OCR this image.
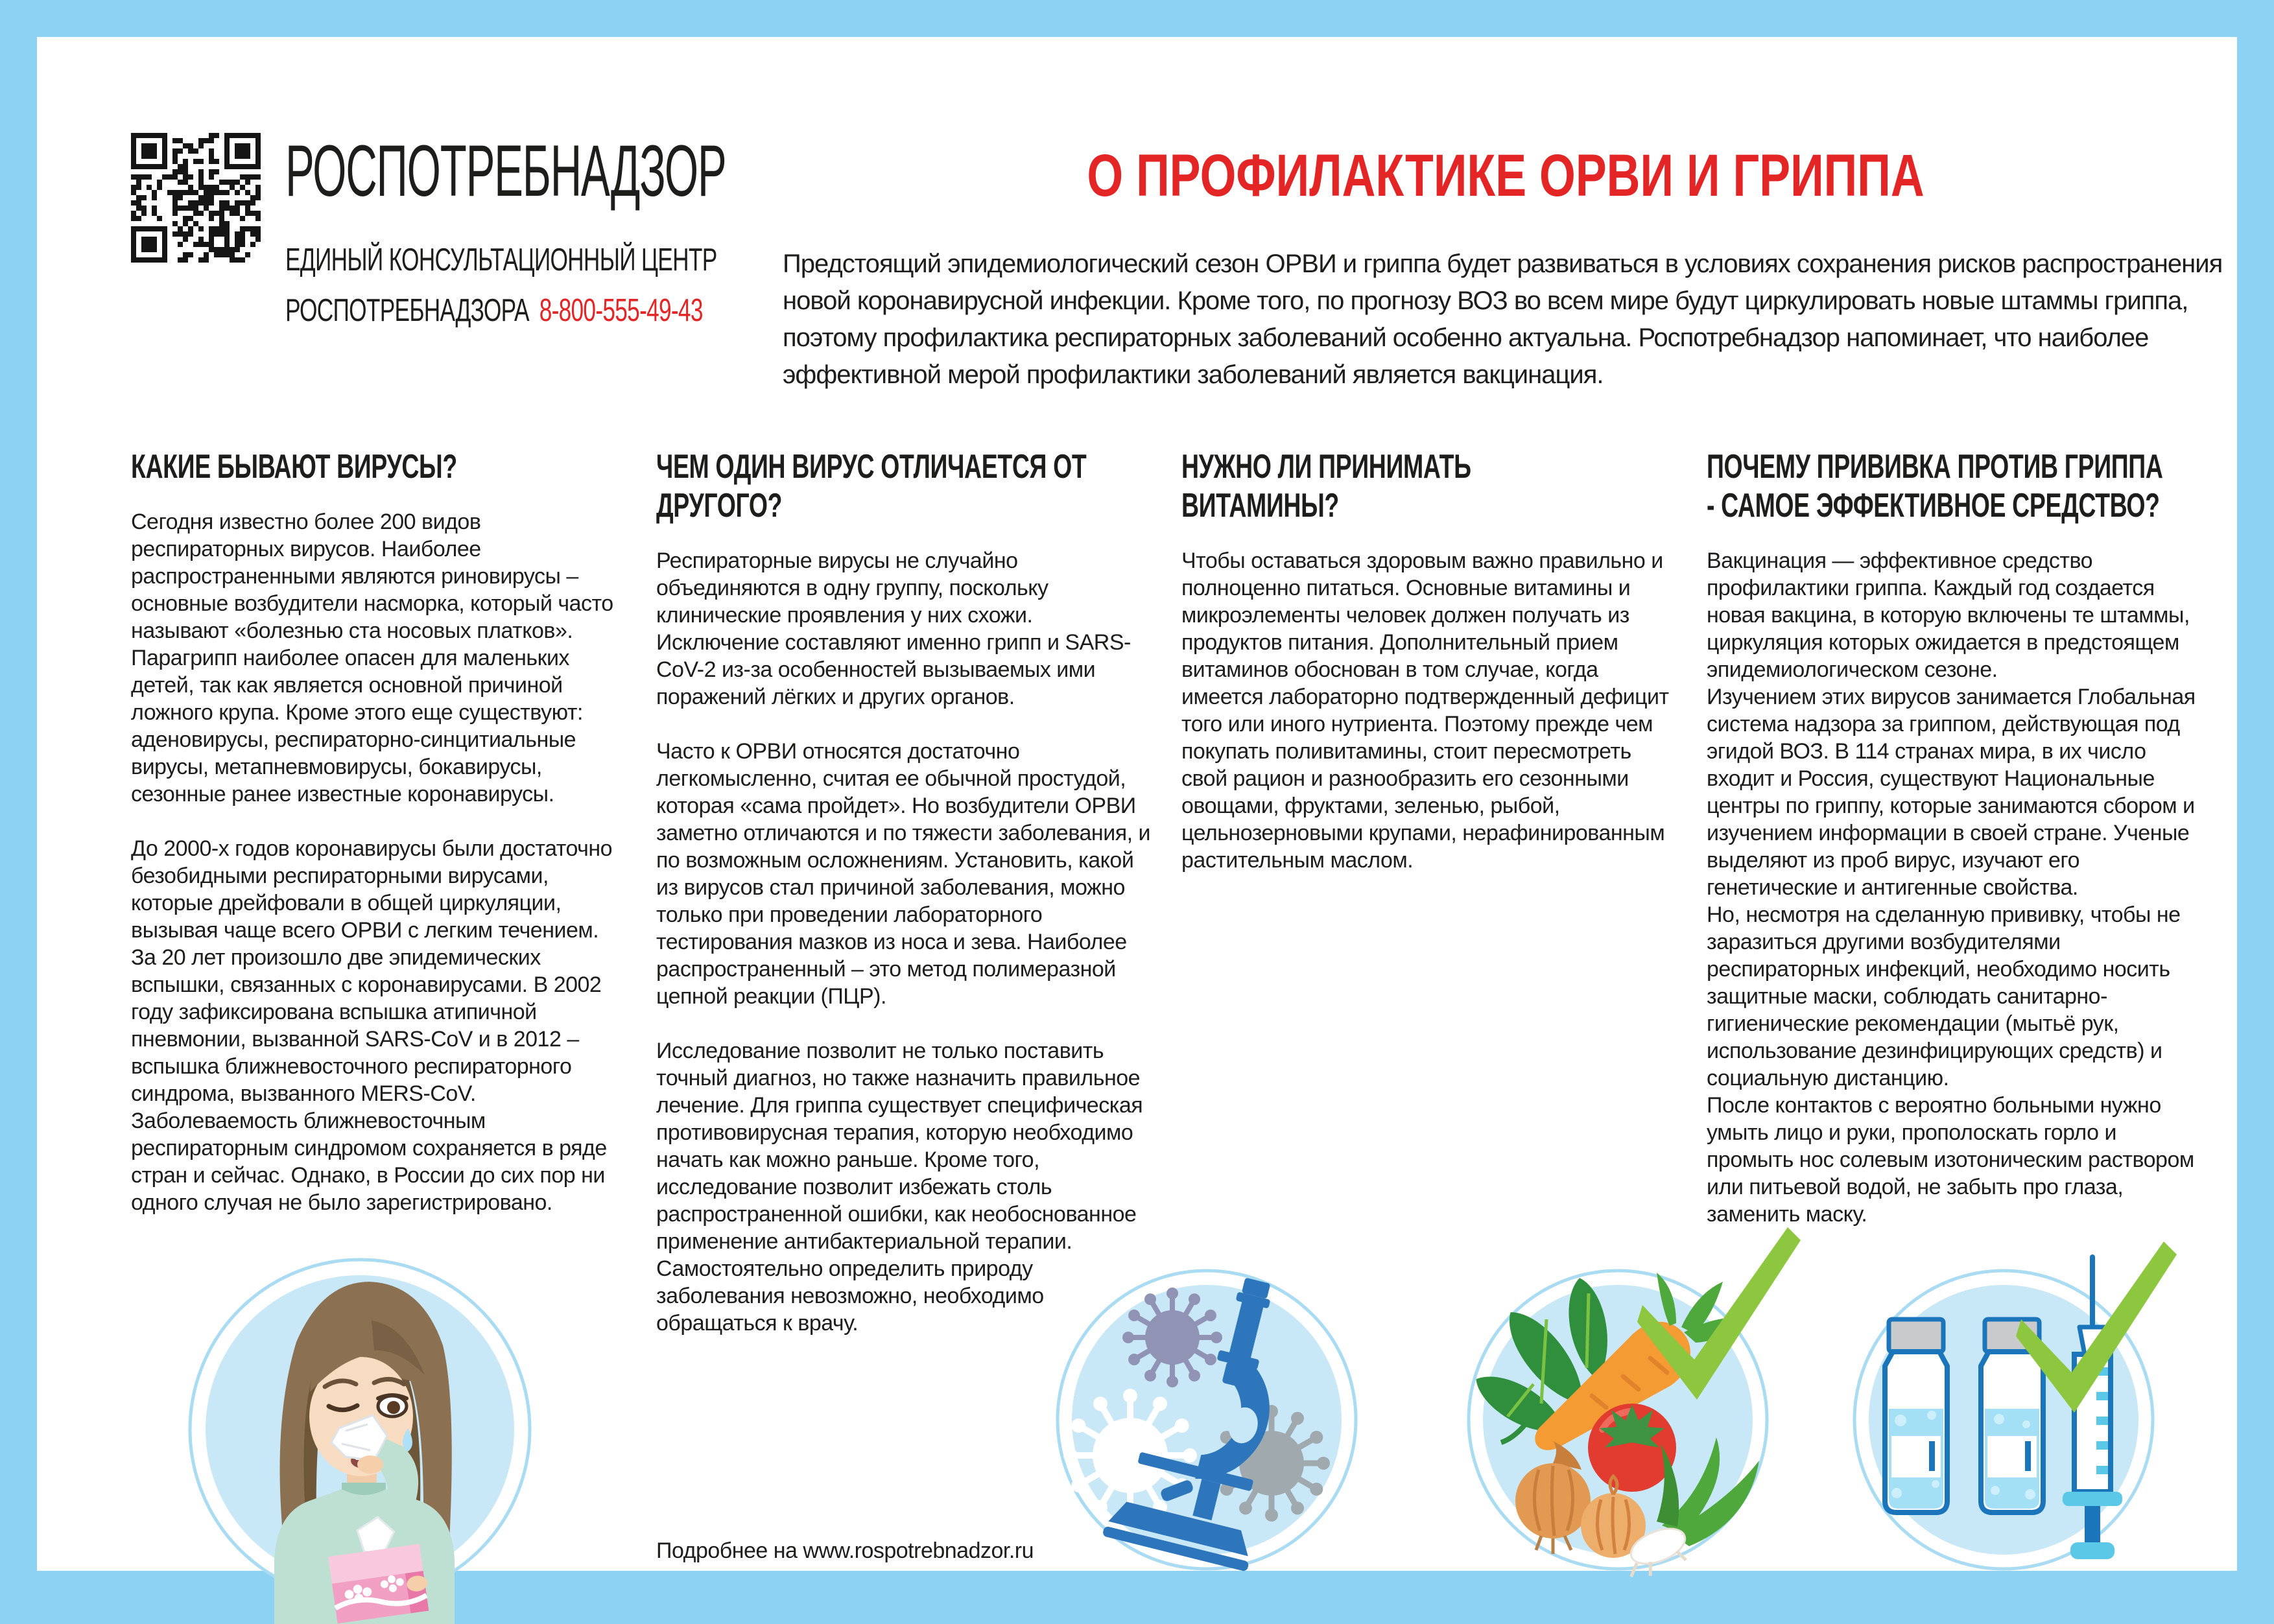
РОСПОТРЕБНАДЗОР
ЕДИНЫЙ КОНСУЛЬТАЦИОННЫЙ ЦЕНТР
РОСПОТРЕБНАДЗОРА 8-800-555-49-43
О ПРОФИЛАКТИКЕ ОРВИ И ГРИППА
Предстоящий эпидемиологический сезон ОРВИ и гриппа будет развиваться в условиях сохранения рисков распространения новой коронавирусной инфекции. Кроме того, по прогнозу ВОЗ во всем мире будут циркулировать новые штаммы гриппа, поэтому профилактика респираторных заболеваний особенно актуальна. Роспотребнадзор напоминает, что наиболее эффективной мерой профилактики заболеваний является вакцинация.
КАКИЕ БЫВАЮТ ВИРУСЫ?

Сегодня известно более 200 видов респираторных вирусов. Наиболее распространенными являются риновирусы – основные возбудители насморка, который часто называют «болезнью ста носовых платков». Парагрипп наиболее опасен для маленьких детей, так как является основной причиной ложного крупа. Кроме этого еще существуют: аденовирусы, респираторно-синцитиальные вирусы, метапневмовирусы, бокавирусы, сезонные ранее известные коронавирусы.

До 2000-х годов коронавирусы были достаточно безобидными респираторными вирусами, которые дрейфовали в общей циркуляции, вызывая чаще всего ОРВИ с легким течением. За 20 лет произошло две эпидемических вспышки, связанных с коронавирусами. В 2002 году зафиксирована вспышка атипичной пневмонии, вызванной SARS-CoV и в 2012 – вспышка ближневосточного респираторного синдрома, вызванного MERS-CoV. Заболеваемость ближневосточным респираторным синдромом сохраняется в ряде стран и сейчас. Однако, в России до сих пор ни одного случая не было зарегистрировано.

ЧЕМ ОДИН ВИРУС ОТЛИЧАЕТСЯ ОТ
ДРУГОГО?

Респираторные вирусы не случайно объединяются в одну группу, поскольку клинические проявления у них схожи. Исключение составляют именно грипп и SARS-CoV-2 из-за особенностей вызываемых ими поражений лёгких и других органов.

Часто к ОРВИ относятся достаточно легкомысленно, считая ее обычной простудой, которая «сама пройдет». Но возбудители ОРВИ заметно отличаются и по тяжести заболевания, и по возможным осложнениям. Установить, какой из вирусов стал причиной заболевания, можно только при проведении лабораторного тестирования мазков из носа и зева. Наиболее распространенный – это метод полимеразной цепной реакции (ПЦР).

Исследование позволит не только поставить точный диагноз, но также назначить правильное лечение. Для гриппа существует специфическая противовирусная терапия, которую необходимо начать как можно раньше. Кроме того, исследование позволит избежать столь распространенной ошибки, как необоснованное применение антибактериальной терапии. Самостоятельно определить природу заболевания невозможно, необходимо обращаться к врачу.

НУЖНО ЛИ ПРИНИМАТЬ
ВИТАМИНЫ?

Чтобы оставаться здоровым важно правильно и полноценно питаться. Основные витамины и микроэлементы человек должен получать из продуктов питания. Дополнительный прием витаминов обоснован в том случае, когда имеется лабораторно подтвержденный дефицит того или иного нутриента. Поэтому прежде чем покупать поливитамины, стоит пересмотреть свой рацион и разнообразить его сезонными овощами, фруктами, зеленью, рыбой, цельнозерновыми крупами, нерафинированным растительным маслом.

ПОЧЕМУ ПРИВИВКА ПРОТИВ ГРИППА
- САМОЕ ЭФФЕКТИВНОЕ СРЕДСТВО?

Вакцинация — эффективное средство профилактики гриппа. Каждый год создается новая вакцина, в которую включены те штаммы, циркуляция которых ожидается в предстоящем эпидемиологическом сезоне.

Изучением этих вирусов занимается Глобальная система надзора за гриппом, действующая под эгидой ВОЗ. В 114 странах мира, в их число входит и Россия, существуют Национальные центры по гриппу, которые занимаются сбором и изучением информации в своей стране. Ученые выделяют из проб вирус, изучают его генетические и антигенные свойства.

Но, несмотря на сделанную прививку, чтобы не заразиться другими возбудителями респираторных инфекций, необходимо носить защитные маски, соблюдать санитарно-гигиенические рекомендации (мытьё рук, использование дезинфицирующих средств) и социальную дистанцию.

После контактов с вероятно больными нужно умыть лицо и руки, прополоскать горло и промыть нос солевым изотоническим раствором или питьевой водой, не забыть про глаза, заменить маску.

Подробнее на www.rospotrebnadzor.ru
